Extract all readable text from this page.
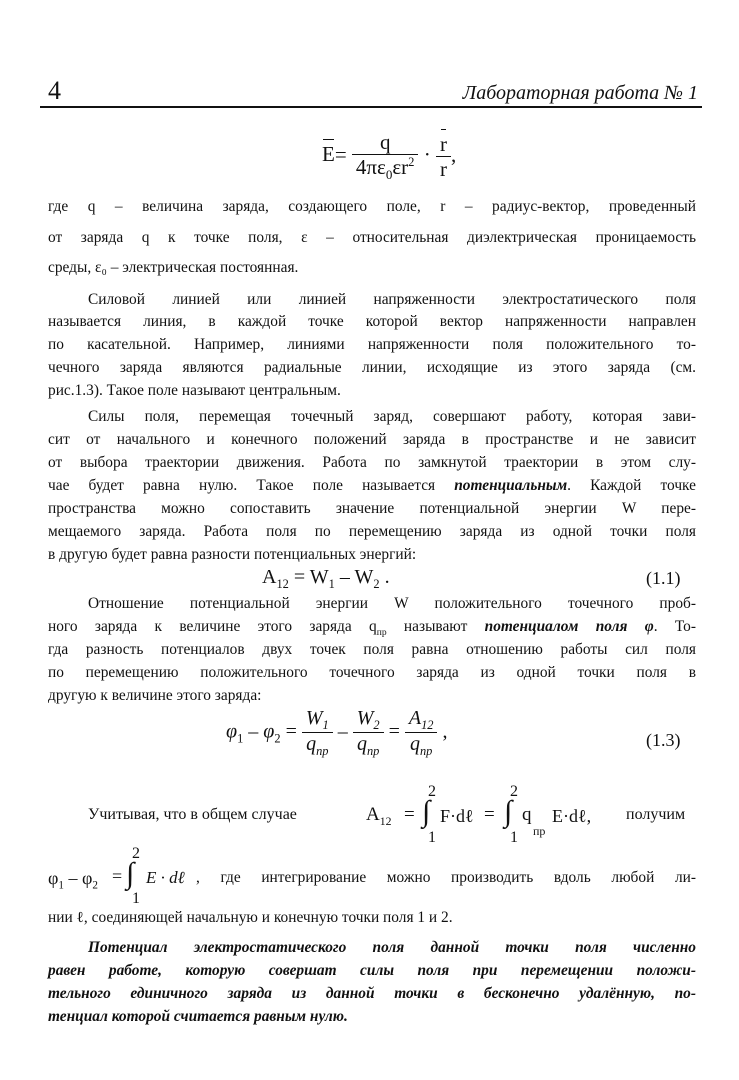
4	Лабораторная работа № 1
$E= \frac{q}{4\pi\varepsilon_0\varepsilon r^2} \cdot \frac{r}{r}$ ,
где q – величина заряда, создающего поле, r – радиус-вектор, проведенный
от заряда q к точке поля, ε – относительная диэлектрическая проницаемость
среды, ε₀ – электрическая постоянная.
Силовой линией или линией напряженности электростатического поля
называется линия, в каждой точке которой вектор напряженности направлен
по касательной. Например, линиями напряженности поля положительного то-
чечного заряда являются радиальные линии, исходящие из этого заряда (см.
рис.1.3). Такое поле называют центральным.
Силы поля, перемещая точечный заряд, совершают работу, которая зави-
сит от начального и конечного положений заряда в пространстве и не зависит
от выбора траектории движения. Работа по замкнутой траектории в этом слу-
чае будет равна нулю. Такое поле называется потенциальным. Каждой точке
пространства можно сопоставить значение потенциальной энергии W пере-
мещаемого заряда. Работа поля по перемещению заряда из одной точки поля
в другую будет равна разности потенциальных энергий:
$A_{12} = W_1 - W_2$ .	(1.1)
Отношение потенциальной энергии W положительного точечного проб-
ного заряда к величине этого заряда $q_{пр}$ называют потенциалом поля φ. То-
гда разность потенциалов двух точек поля равна отношению работы сил поля
по перемещению положительного точечного заряда из одной точки поля в
другую к величине этого заряда:
$\varphi_1 - \varphi_2 = \frac{W_1}{q_{пр}} - \frac{W_2}{q_{пр}} = \frac{A_{12}}{q_{пр}}$ ,	(1.3)
Учитывая, что в общем случае	$A_{12}$ =
2
∫
1
F·dℓ =
2
∫
1
q
пр
E·dℓ, получим
$\varphi_1 - \varphi_2$ =
2
∫
1
E · dℓ , где интегрирование можно производить вдоль любой ли-
нии ℓ, соединяющей начальную и конечную точки поля 1 и 2.
Потенциал электростатического поля данной точки поля численно
равен работе, которую совершат силы поля при перемещении положи-
тельного единичного заряда из данной точки в бесконечно удалённую, по-
тенциал которой считается равным нулю.
